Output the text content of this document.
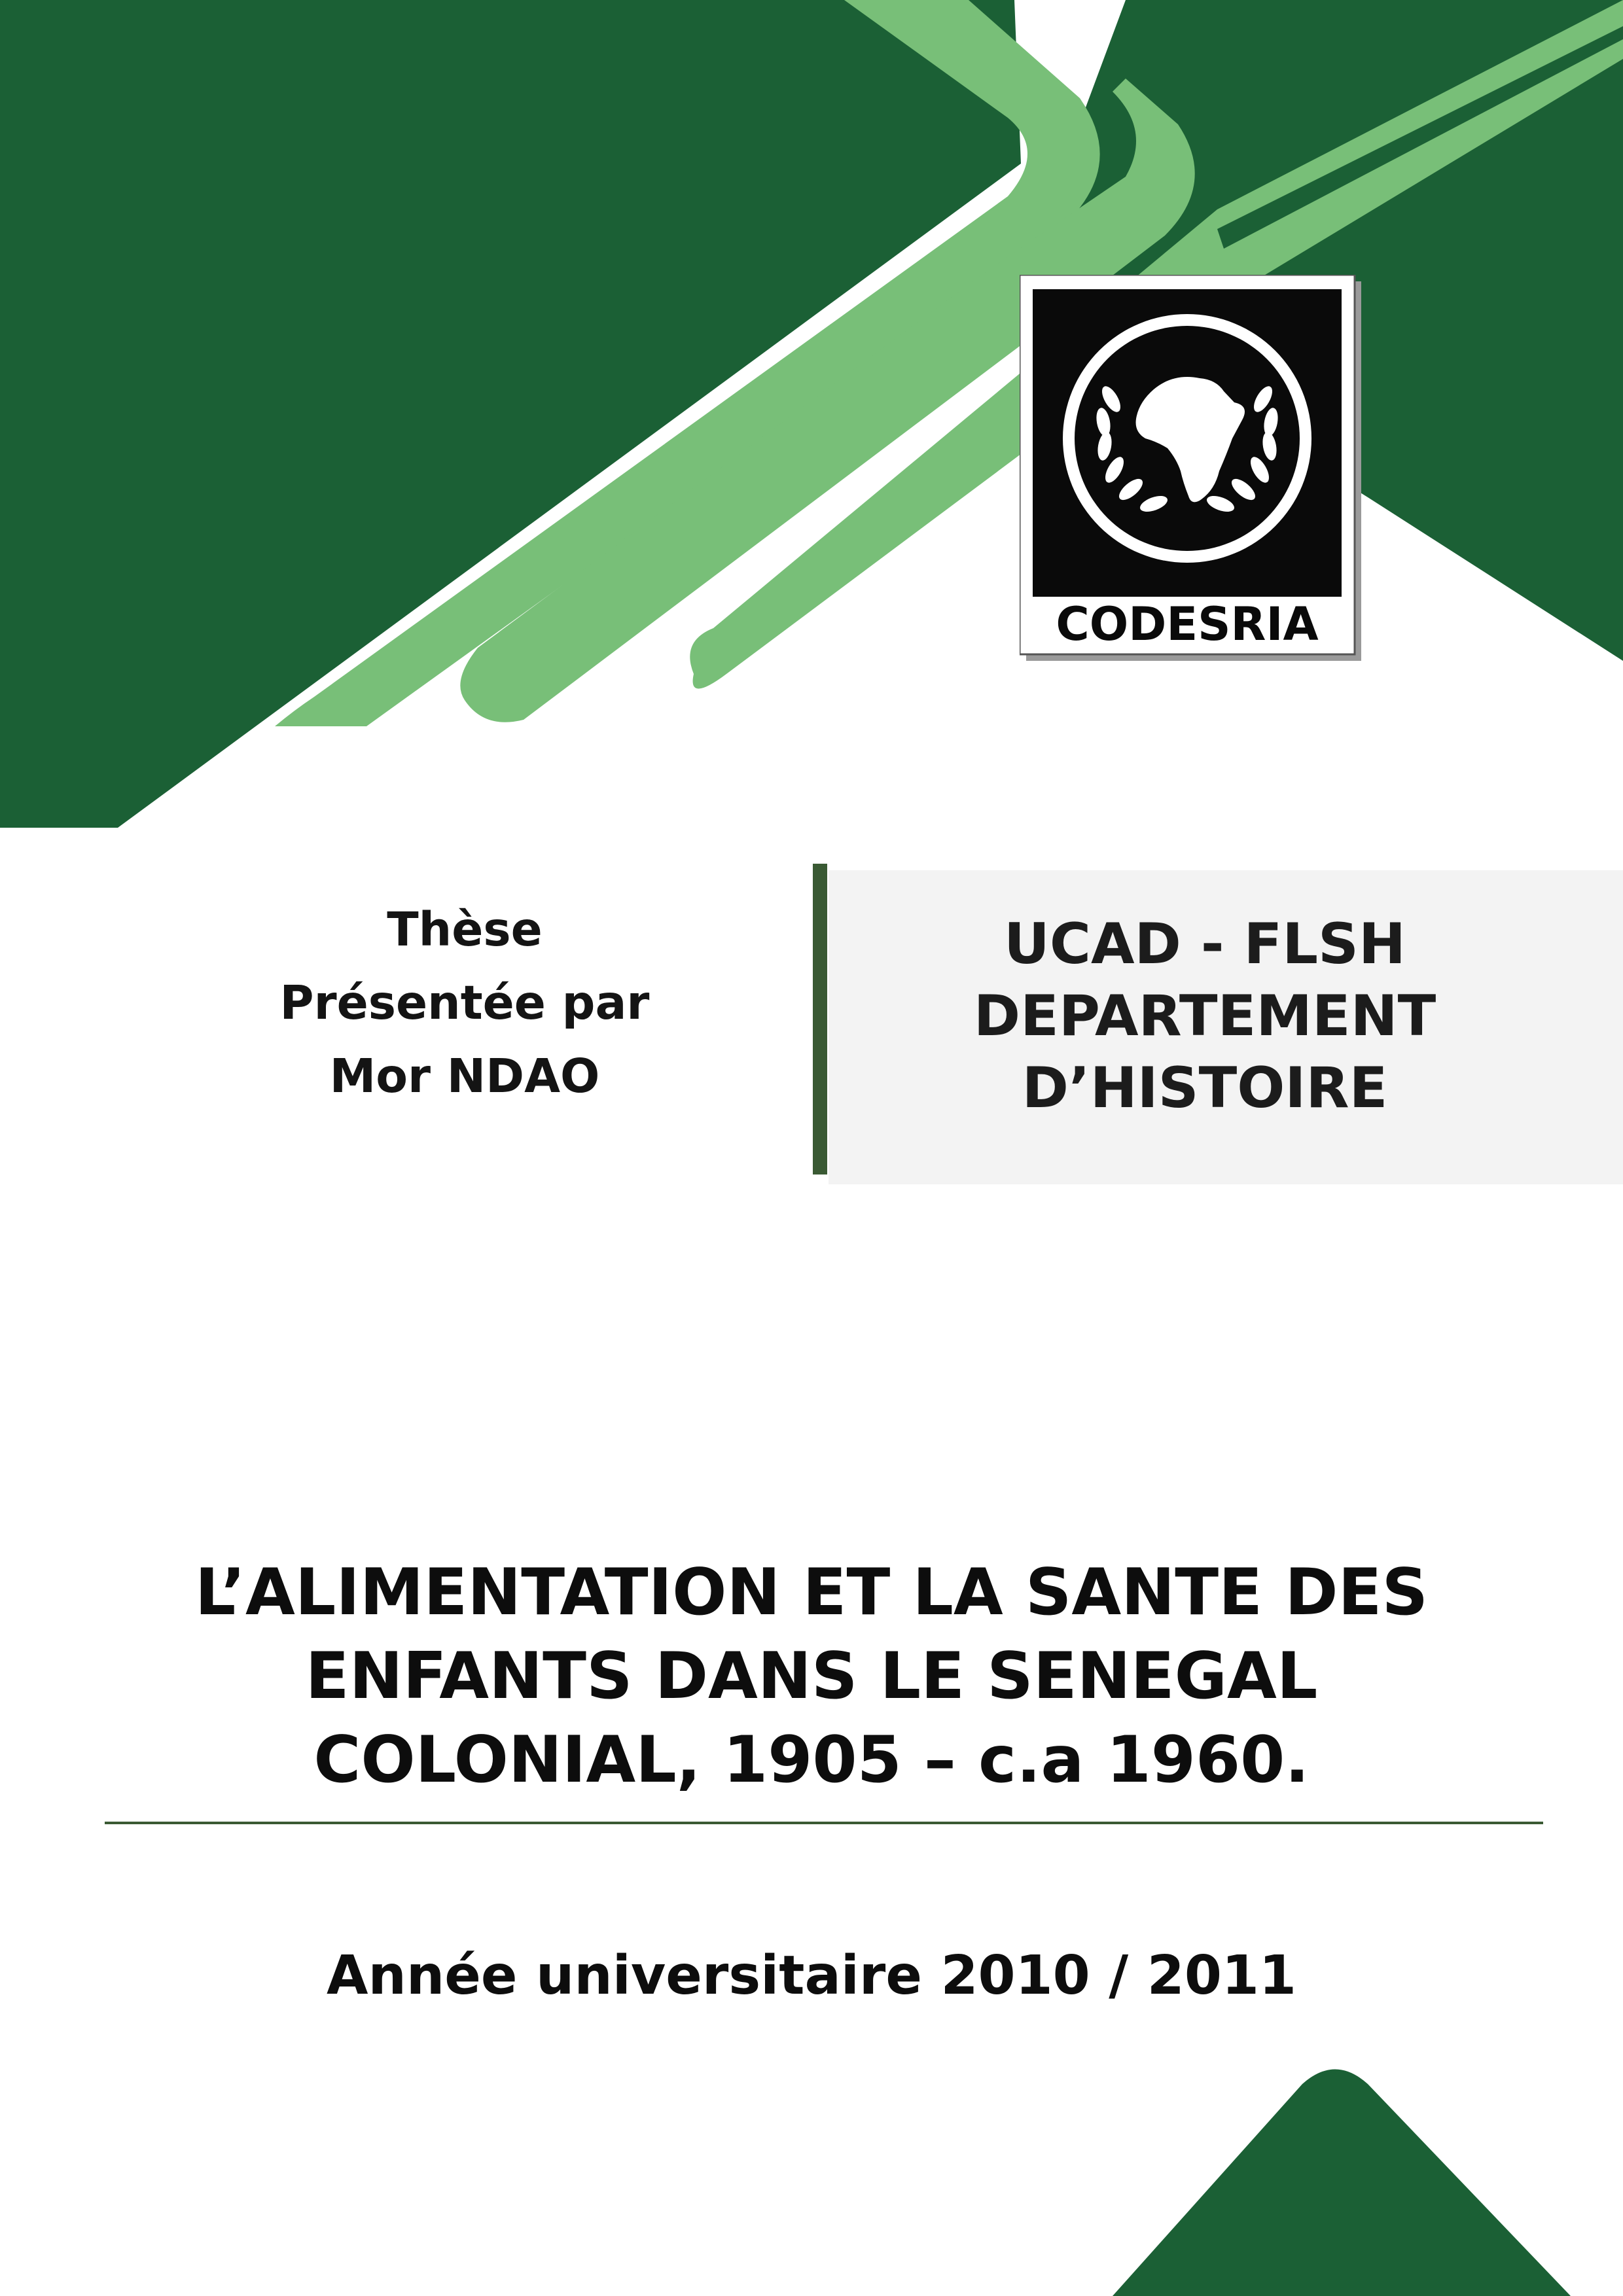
CODESRIA
Thèse
Présentée par
Mor NDAO
UCAD - FLSH
DEPARTEMENT
D’HISTOIRE
L’ALIMENTATION ET LA SANTE DES
ENFANTS DANS LE SENEGAL
COLONIAL, 1905 – c.a 1960.
Année universitaire 2010 / 2011
